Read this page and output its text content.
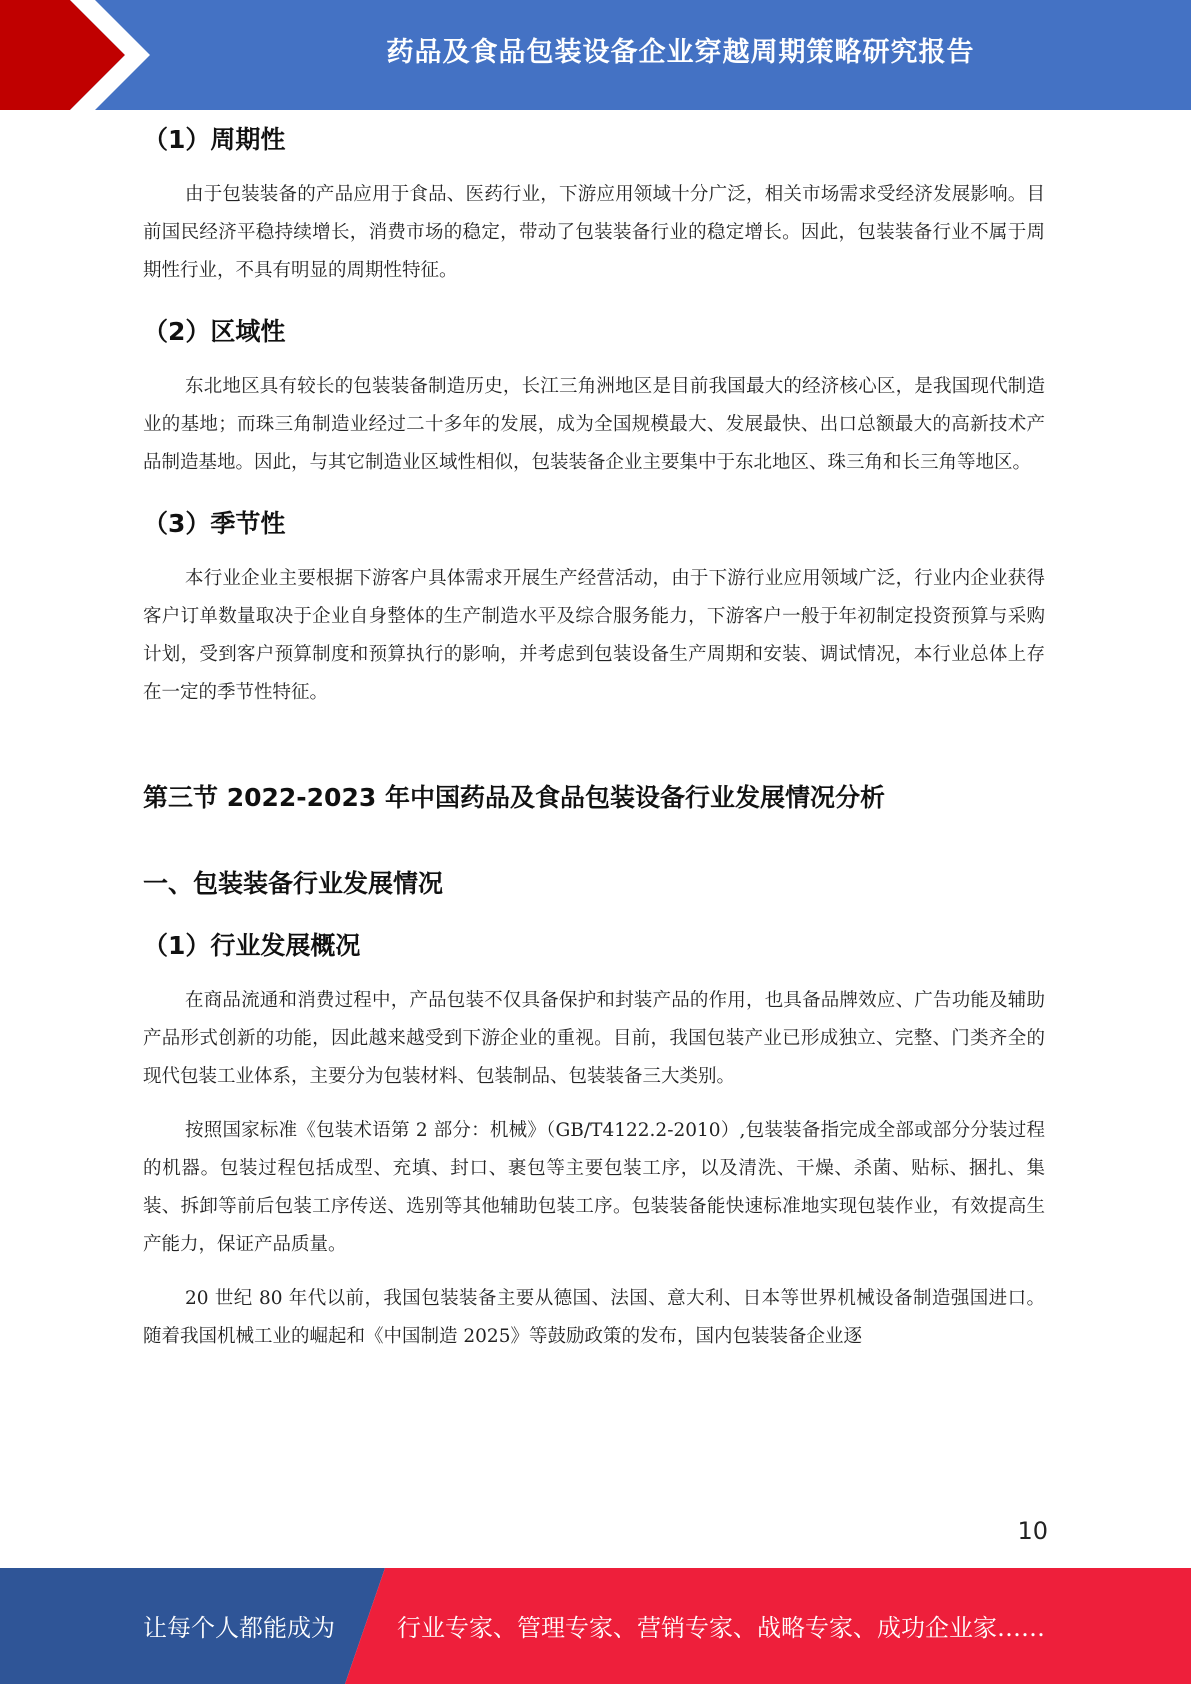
药品及食品包装设备企业穿越周期策略研究报告
（1）周期性

由于包装装备的产品应用于食品、医药行业，下游应用领域十分广泛，相关市场需求受经济发展影响。目前国民经济平稳持续增长，消费市场的稳定，带动了包装装备行业的稳定增长。因此，包装装备行业不属于周期性行业，不具有明显的周期性特征。

（2）区域性

东北地区具有较长的包装装备制造历史，长江三角洲地区是目前我国最大的经济核心区，是我国现代制造业的基地；而珠三角制造业经过二十多年的发展，成为全国规模最大、发展最快、出口总额最大的高新技术产品制造基地。因此，与其它制造业区域性相似，包装装备企业主要集中于东北地区、珠三角和长三角等地区。

（3）季节性

本行业企业主要根据下游客户具体需求开展生产经营活动，由于下游行业应用领域广泛，行业内企业获得客户订单数量取决于企业自身整体的生产制造水平及综合服务能力，下游客户一般于年初制定投资预算与采购计划，受到客户预算制度和预算执行的影响，并考虑到包装设备生产周期和安装、调试情况，本行业总体上存在一定的季节性特征。

第三节 2022-2023 年中国药品及食品包装设备行业发展情况分析
一、包装装备行业发展情况
（1）行业发展概况

在商品流通和消费过程中，产品包装不仅具备保护和封装产品的作用，也具备品牌效应、广告功能及辅助产品形式创新的功能，因此越来越受到下游企业的重视。目前，我国包装产业已形成独立、完整、门类齐全的现代包装工业体系，主要分为包装材料、包装制品、包装装备三大类别。

按照国家标准《包装术语第 2 部分：机械》（GB/T4122.2-2010）,包装装备指完成全部或部分分装过程的机器。包装过程包括成型、充填、封口、裹包等主要包装工序，以及清洗、干燥、杀菌、贴标、捆扎、集装、拆卸等前后包装工序传送、选别等其他辅助包装工序。包装装备能快速标准地实现包装作业，有效提高生产能力，保证产品质量。

20 世纪 80 年代以前，我国包装装备主要从德国、法国、意大利、日本等世界机械设备制造强国进口。随着我国机械工业的崛起和《中国制造 2025》等鼓励政策的发布，国内包装装备企业逐

10
让每个人都能成为	行业专家、管理专家、营销专家、战略专家、成功企业家……
